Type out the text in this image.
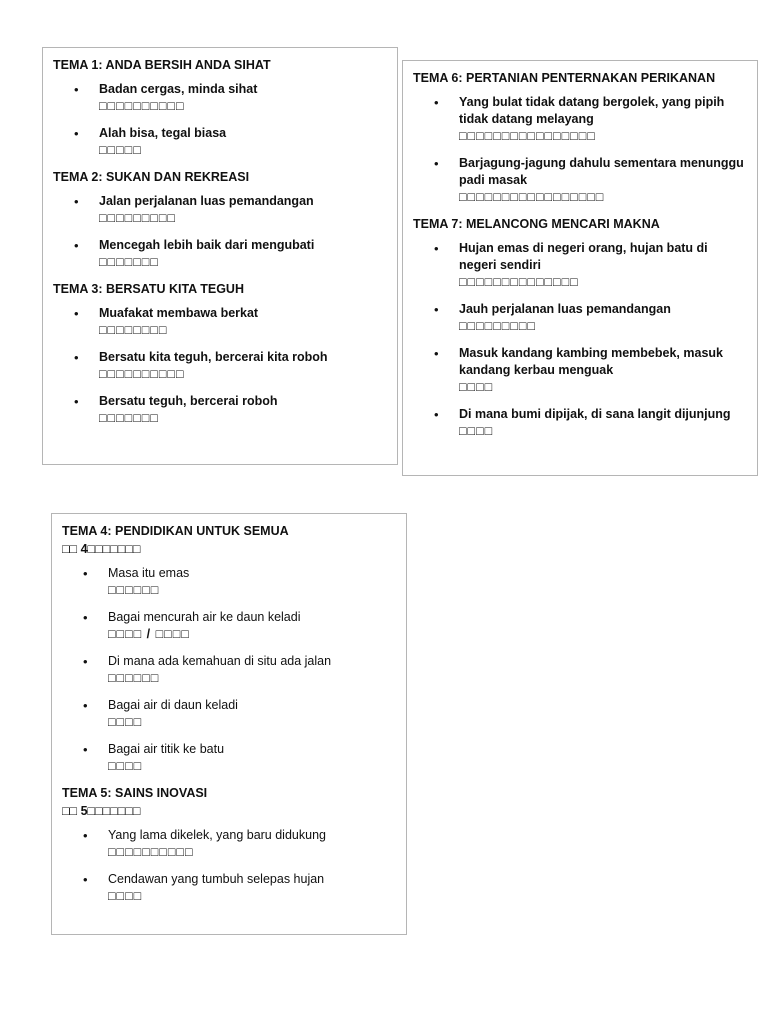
TEMA 1: ANDA BERSIH ANDA SIHAT
• Badan cergas, minda sihat
□□□□□□□□□□
• Alah bisa, tegal biasa
□□□□□
TEMA 2: SUKAN DAN REKREASI
• Jalan perjalanan luas pemandangan
□□□□□□□□□
• Mencegah lebih baik dari mengubati
□□□□□□□
TEMA 3: BERSATU KITA TEGUH
• Muafakat membawa berkat
□□□□□□□□
• Bersatu kita teguh, bercerai kita roboh
□□□□□□□□□□
• Bersatu teguh, bercerai roboh
□□□□□□□
TEMA 6: PERTANIAN PENTERNAKAN PERIKANAN
• Yang bulat tidak datang bergolek, yang pipih tidak datang melayang
□□□□□□□□□□□□□□□□
• Barjagung-jagung dahulu sementara menunggu padi masak
□□□□□□□□□□□□□□□□□
TEMA 7: MELANCONG MENCARI MAKNA
• Hujan emas di negeri orang, hujan batu di negeri sendiri
□□□□□□□□□□□□□□
• Jauh perjalanan luas pemandangan
□□□□□□□□□
• Masuk kandang kambing membebek, masuk kandang kerbau menguak
□□□□
• Di mana bumi dipijak, di sana langit dijunjung
□□□□
TEMA 4: PENDIDIKAN UNTUK SEMUA
□□ 4□□□□□□□
• Masa itu emas
□□□□□□
• Bagai mencurah air ke daun keladi
□□□□ / □□□□
• Di mana ada kemahuan di situ ada jalan
□□□□□□
• Bagai air di daun keladi
□□□□
• Bagai air titik ke batu
□□□□
TEMA 5: SAINS INOVASI
□□ 5□□□□□□□
• Yang lama dikelek, yang baru didukung
□□□□□□□□□□
• Cendawan yang tumbuh selepas hujan
□□□□
